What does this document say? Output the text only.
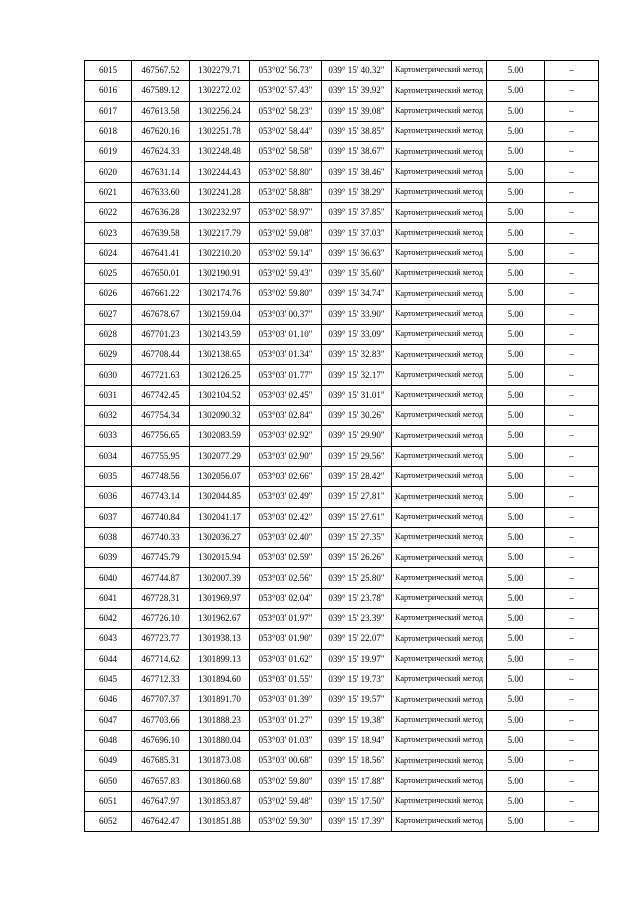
6015	467567.52	1302279.71	053°02' 56.73"	039° 15' 40.32"	Картометрический метод	5.00	–
6016	467589.12	1302272.02	053°02' 57.43"	039° 15' 39.92"	Картометрический метод	5.00	–
6017	467613.58	1302256.24	053°02' 58.23"	039° 15' 39.08"	Картометрический метод	5.00	–
6018	467620.16	1302251.78	053°02' 58.44"	039° 15' 38.85"	Картометрический метод	5.00	–
6019	467624.33	1302248.48	053°02' 58.58"	039° 15' 38.67"	Картометрический метод	5.00	–
6020	467631.14	1302244.43	053°02' 58.80"	039° 15' 38.46"	Картометрический метод	5.00	–
6021	467633.60	1302241.28	053°02' 58.88"	039° 15' 38.29"	Картометрический метод	5.00	–
6022	467636.28	1302232.97	053°02' 58.97"	039° 15' 37.85"	Картометрический метод	5.00	–
6023	467639.58	1302217.79	053°02' 59.08"	039° 15' 37.03"	Картометрический метод	5.00	–
6024	467641.41	1302210.20	053°02' 59.14"	039° 15' 36.63"	Картометрический метод	5.00	–
6025	467650.01	1302190.91	053°02' 59.43"	039° 15' 35.60"	Картометрический метод	5.00	–
6026	467661.22	1302174.76	053°02' 59.80"	039° 15' 34.74"	Картометрический метод	5.00	–
6027	467678.67	1302159.04	053°03' 00.37"	039° 15' 33.90"	Картометрический метод	5.00	–
6028	467701.23	1302143.59	053°03' 01.10"	039° 15' 33.09"	Картометрический метод	5.00	–
6029	467708.44	1302138.65	053°03' 01.34"	039° 15' 32.83"	Картометрический метод	5.00	–
6030	467721.63	1302126.25	053°03' 01.77"	039° 15' 32.17"	Картометрический метод	5.00	–
6031	467742.45	1302104.52	053°03' 02.45"	039° 15' 31.01"	Картометрический метод	5.00	–
6032	467754.34	1302090.32	053°03' 02.84"	039° 15' 30.26"	Картометрический метод	5.00	–
6033	467756.65	1302083.59	053°03' 02.92"	039° 15' 29.90"	Картометрический метод	5.00	–
6034	467755.95	1302077.29	053°03' 02.90"	039° 15' 29.56"	Картометрический метод	5.00	–
6035	467748.56	1302056.07	053°03' 02.66"	039° 15' 28.42"	Картометрический метод	5.00	–
6036	467743.14	1302044.85	053°03' 02.49"	039° 15' 27.81"	Картометрический метод	5.00	–
6037	467740.84	1302041.17	053°03' 02.42"	039° 15' 27.61"	Картометрический метод	5.00	–
6038	467740.33	1302036.27	053°03' 02.40"	039° 15' 27.35"	Картометрический метод	5.00	–
6039	467745.79	1302015.94	053°03' 02.59"	039° 15' 26.26"	Картометрический метод	5.00	–
6040	467744.87	1302007.39	053°03' 02.56"	039° 15' 25.80"	Картометрический метод	5.00	–
6041	467728.31	1301969.97	053°03' 02.04"	039° 15' 23.78"	Картометрический метод	5.00	–
6042	467726.10	1301962.67	053°03' 01.97"	039° 15' 23.39"	Картометрический метод	5.00	–
6043	467723.77	1301938.13	053°03' 01.90"	039° 15' 22.07"	Картометрический метод	5.00	–
6044	467714.62	1301899.13	053°03' 01.62"	039° 15' 19.97"	Картометрический метод	5.00	–
6045	467712.33	1301894.60	053°03' 01.55"	039° 15' 19.73"	Картометрический метод	5.00	–
6046	467707.37	1301891.70	053°03' 01.39"	039° 15' 19.57"	Картометрический метод	5.00	–
6047	467703.66	1301888.23	053°03' 01.27"	039° 15' 19.38"	Картометрический метод	5.00	–
6048	467696.10	1301880.04	053°03' 01.03"	039° 15' 18.94"	Картометрический метод	5.00	–
6049	467685.31	1301873.08	053°03' 00.68"	039° 15' 18.56"	Картометрический метод	5.00	–
6050	467657.83	1301860.68	053°02' 59.80"	039° 15' 17.88"	Картометрический метод	5.00	–
6051	467647.97	1301853.87	053°02' 59.48"	039° 15' 17.50"	Картометрический метод	5.00	–
6052	467642.47	1301851.88	053°02' 59.30"	039° 15' 17.39"	Картометрический метод	5.00	–
